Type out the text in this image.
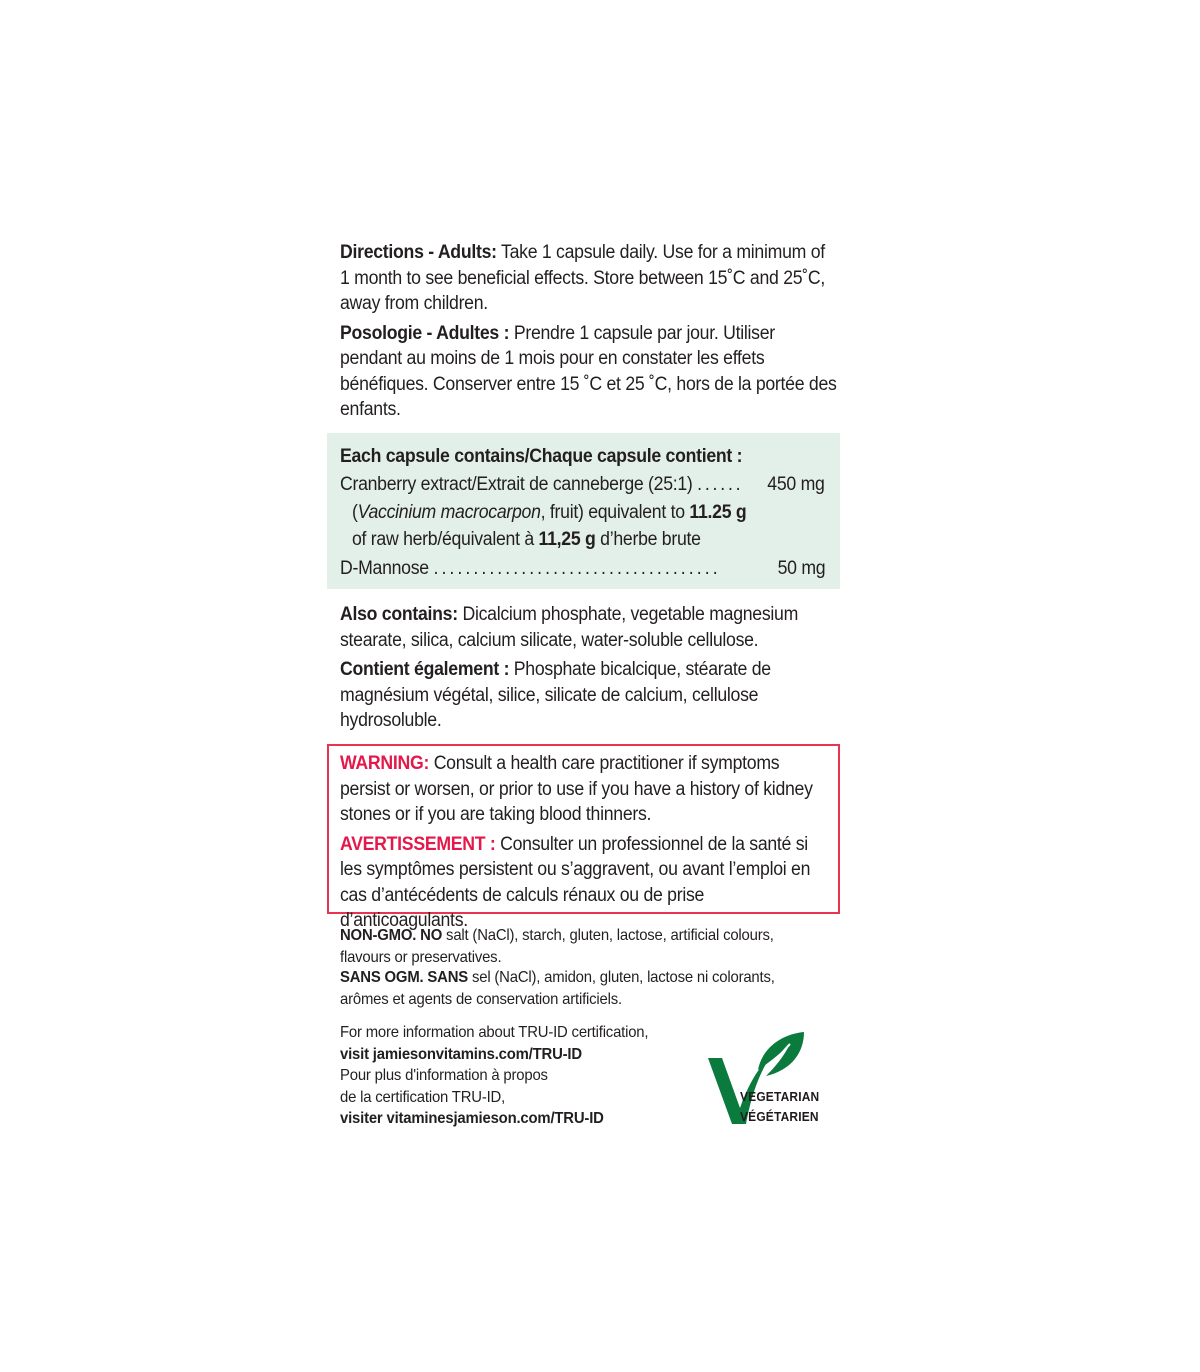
Directions - Adults: Take 1 capsule daily. Use for a minimum of 1 month to see beneficial effects. Store between 15˚C and 25˚C, away from children.

Posologie - Adultes : Prendre 1 capsule par jour. Utiliser pendant au moins de 1 mois pour en constater les effets bénéfiques. Conserver entre 15 ˚C et 25 ˚C, hors de la portée des enfants.

Each capsule contains/Chaque capsule contient :
Cranberry extract/Extrait de canneberge (25:1) ...... 450 mg
(Vaccinium macrocarpon, fruit) equivalent to 11.25 g
of raw herb/équivalent à 11,25 g d’herbe brute
D-Mannose ....................................	50 mg

Also contains: Dicalcium phosphate, vegetable magnesium stearate, silica, calcium silicate, water-soluble cellulose.

Contient également : Phosphate bicalcique, stéarate de magnésium végétal, silice, silicate de calcium, cellulose hydrosoluble.

WARNING: Consult a health care practitioner if symptoms persist or worsen, or prior to use if you have a history of kidney stones or if you are taking blood thinners.

AVERTISSEMENT : Consulter un professionnel de la santé si les symptômes persistent ou s’aggravent, ou avant l’emploi en cas d’antécédents de calculs rénaux ou de prise d’anticoagulants.

NON-GMO. NO salt (NaCl), starch, gluten, lactose, artificial colours, flavours or preservatives.
SANS OGM. SANS sel (NaCl), amidon, gluten, lactose ni colorants, arômes et agents de conservation artificiels.
For more information about TRU-ID certification,
visit jamiesonvitamins.com/TRU-ID
Pour plus d'information à propos
de la certification TRU-ID,
visiter vitaminesjamieson.com/TRU-ID
VEGETARIAN
VÉGÉTARIEN
